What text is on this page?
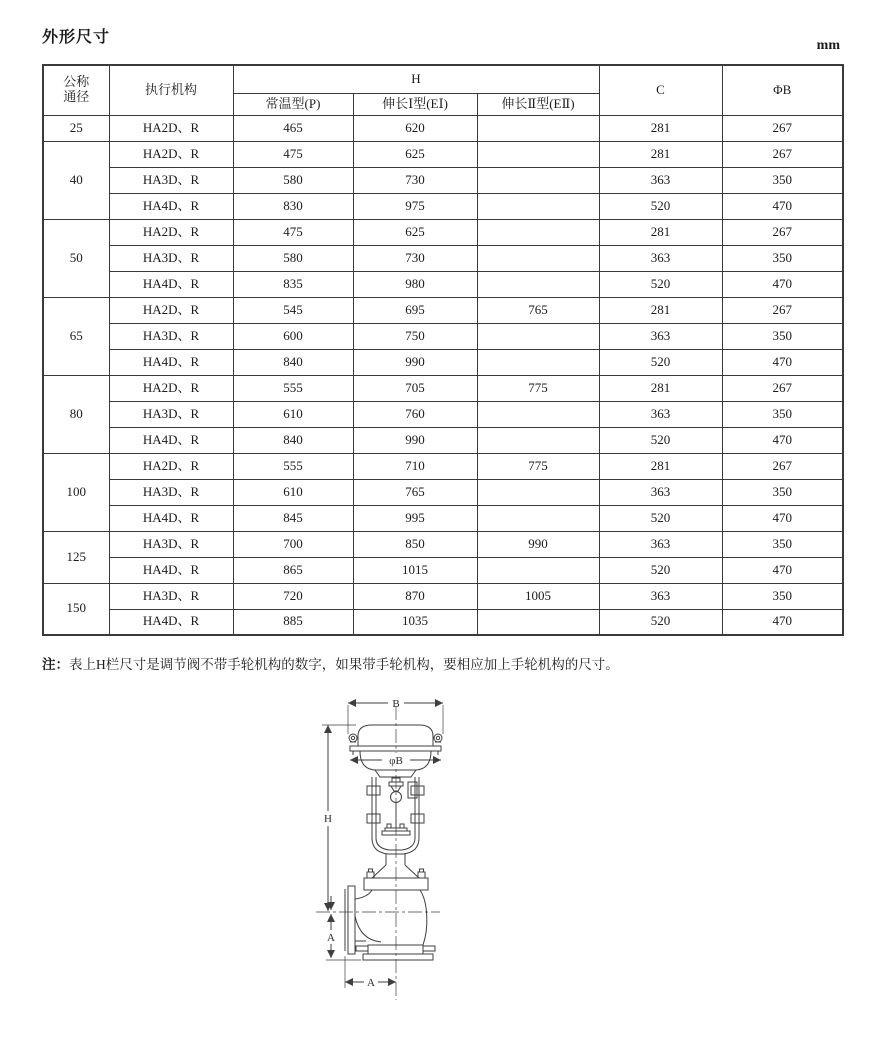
外形尺寸	mm
公称通径	执行机构	H			C	ΦB
		常温型(P)	伸长Ⅰ型(EⅠ)	伸长Ⅱ型(EⅡ)		
25	HA2D、R	465	620		281	267
40	HA2D、R	475	625		281	267
	HA3D、R	580	730		363	350
	HA4D、R	830	975		520	470
50	HA2D、R	475	625		281	267
	HA3D、R	580	730		363	350
	HA4D、R	835	980		520	470
65	HA2D、R	545	695	765	281	267
	HA3D、R	600	750		363	350
	HA4D、R	840	990		520	470
80	HA2D、R	555	705	775	281	267
	HA3D、R	610	760		363	350
	HA4D、R	840	990		520	470
100	HA2D、R	555	710	775	281	267
	HA3D、R	610	765		363	350
	HA4D、R	845	995		520	470
125	HA3D、R	700	850	990	363	350
	HA4D、R	865	1015		520	470
150	HA3D、R	720	870	1005	363	350
	HA4D、R	885	1035		520	470
注：表上H栏尺寸是调节阀不带手轮机构的数字，如果带手轮机构，要相应加上手轮机构的尺寸。
B
φB
H
A
A
